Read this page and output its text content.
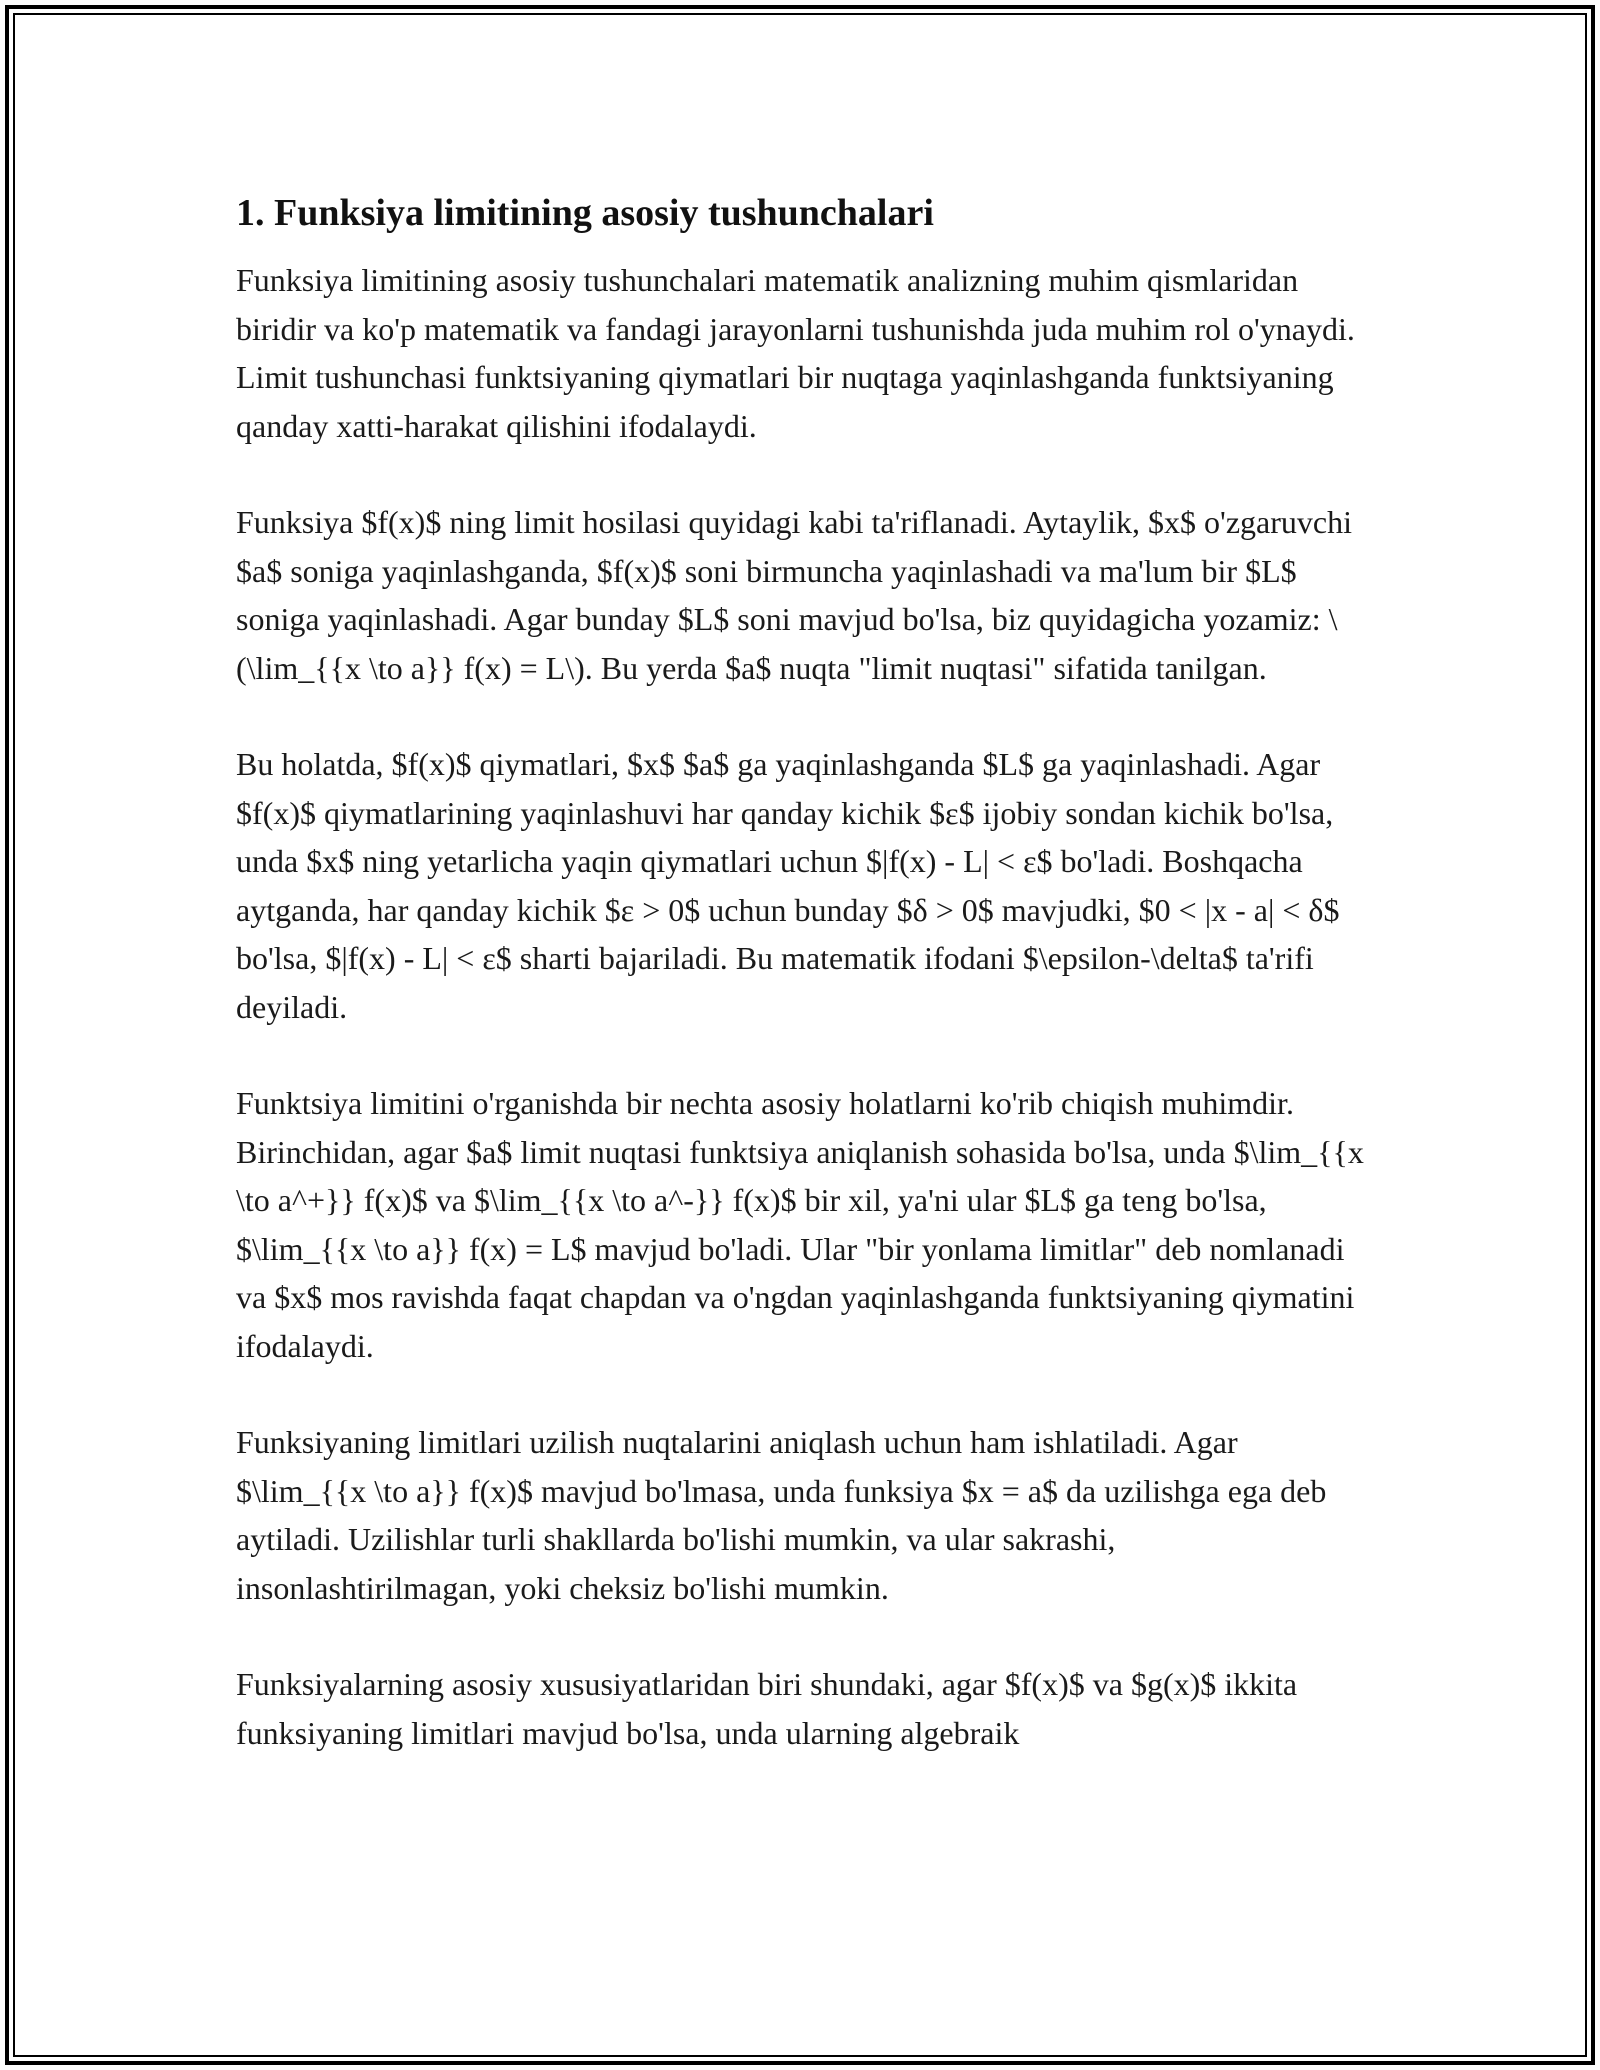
1. Funksiya limitining asosiy tushunchalari

Funksiya limitining asosiy tushunchalari matematik analizning muhim qismlaridan biridir va ko'p matematik va fandagi jarayonlarni tushunishda juda muhim rol o'ynaydi. Limit tushunchasi funktsiyaning qiymatlari bir nuqtaga yaqinlashganda funktsiyaning qanday xatti-harakat qilishini ifodalaydi.

Funksiya $f(x)$ ning limit hosilasi quyidagi kabi ta'riflanadi. Aytaylik, $x$ o'zgaruvchi $a$ soniga yaqinlashganda, $f(x)$ soni birmuncha yaqinlashadi va ma'lum bir $L$ soniga yaqinlashadi. Agar bunday $L$ soni mavjud bo'lsa, biz quyidagicha yozamiz: \(\lim_{{x \to a}} f(x) = L\). Bu yerda $a$ nuqta "limit nuqtasi" sifatida tanilgan.

Bu holatda, $f(x)$ qiymatlari, $x$ $a$ ga yaqinlashganda $L$ ga yaqinlashadi. Agar $f(x)$ qiymatlarining yaqinlashuvi har qanday kichik $ε$ ijobiy sondan kichik bo'lsa, unda $x$ ning yetarlicha yaqin qiymatlari uchun $|f(x) - L| < ε$ bo'ladi. Boshqacha aytganda, har qanday kichik $ε > 0$ uchun bunday $δ > 0$ mavjudki, $0 < |x - a| < δ$ bo'lsa, $|f(x) - L| < ε$ sharti bajariladi. Bu matematik ifodani $\epsilon-\delta$ ta'rifi deyiladi.

Funktsiya limitini o'rganishda bir nechta asosiy holatlarni ko'rib chiqish muhimdir. Birinchidan, agar $a$ limit nuqtasi funktsiya aniqlanish sohasida bo'lsa, unda $\lim_{{x \to a^+}} f(x)$ va $\lim_{{x \to a^-}} f(x)$ bir xil, ya'ni ular $L$ ga teng bo'lsa, $\lim_{{x \to a}} f(x) = L$ mavjud bo'ladi. Ular "bir yonlama limitlar" deb nomlanadi va $x$ mos ravishda faqat chapdan va o'ngdan yaqinlashganda funktsiyaning qiymatini ifodalaydi.

Funksiyaning limitlari uzilish nuqtalarini aniqlash uchun ham ishlatiladi. Agar $\lim_{{x \to a}} f(x)$ mavjud bo'lmasa, unda funksiya $x = a$ da uzilishga ega deb aytiladi. Uzilishlar turli shakllarda bo'lishi mumkin, va ular sakrashi, insonlashtirilmagan, yoki cheksiz bo'lishi mumkin.

Funksiyalarning asosiy xususiyatlaridan biri shundaki, agar $f(x)$ va $g(x)$ ikkita funksiyaning limitlari mavjud bo'lsa, unda ularning algebraik
